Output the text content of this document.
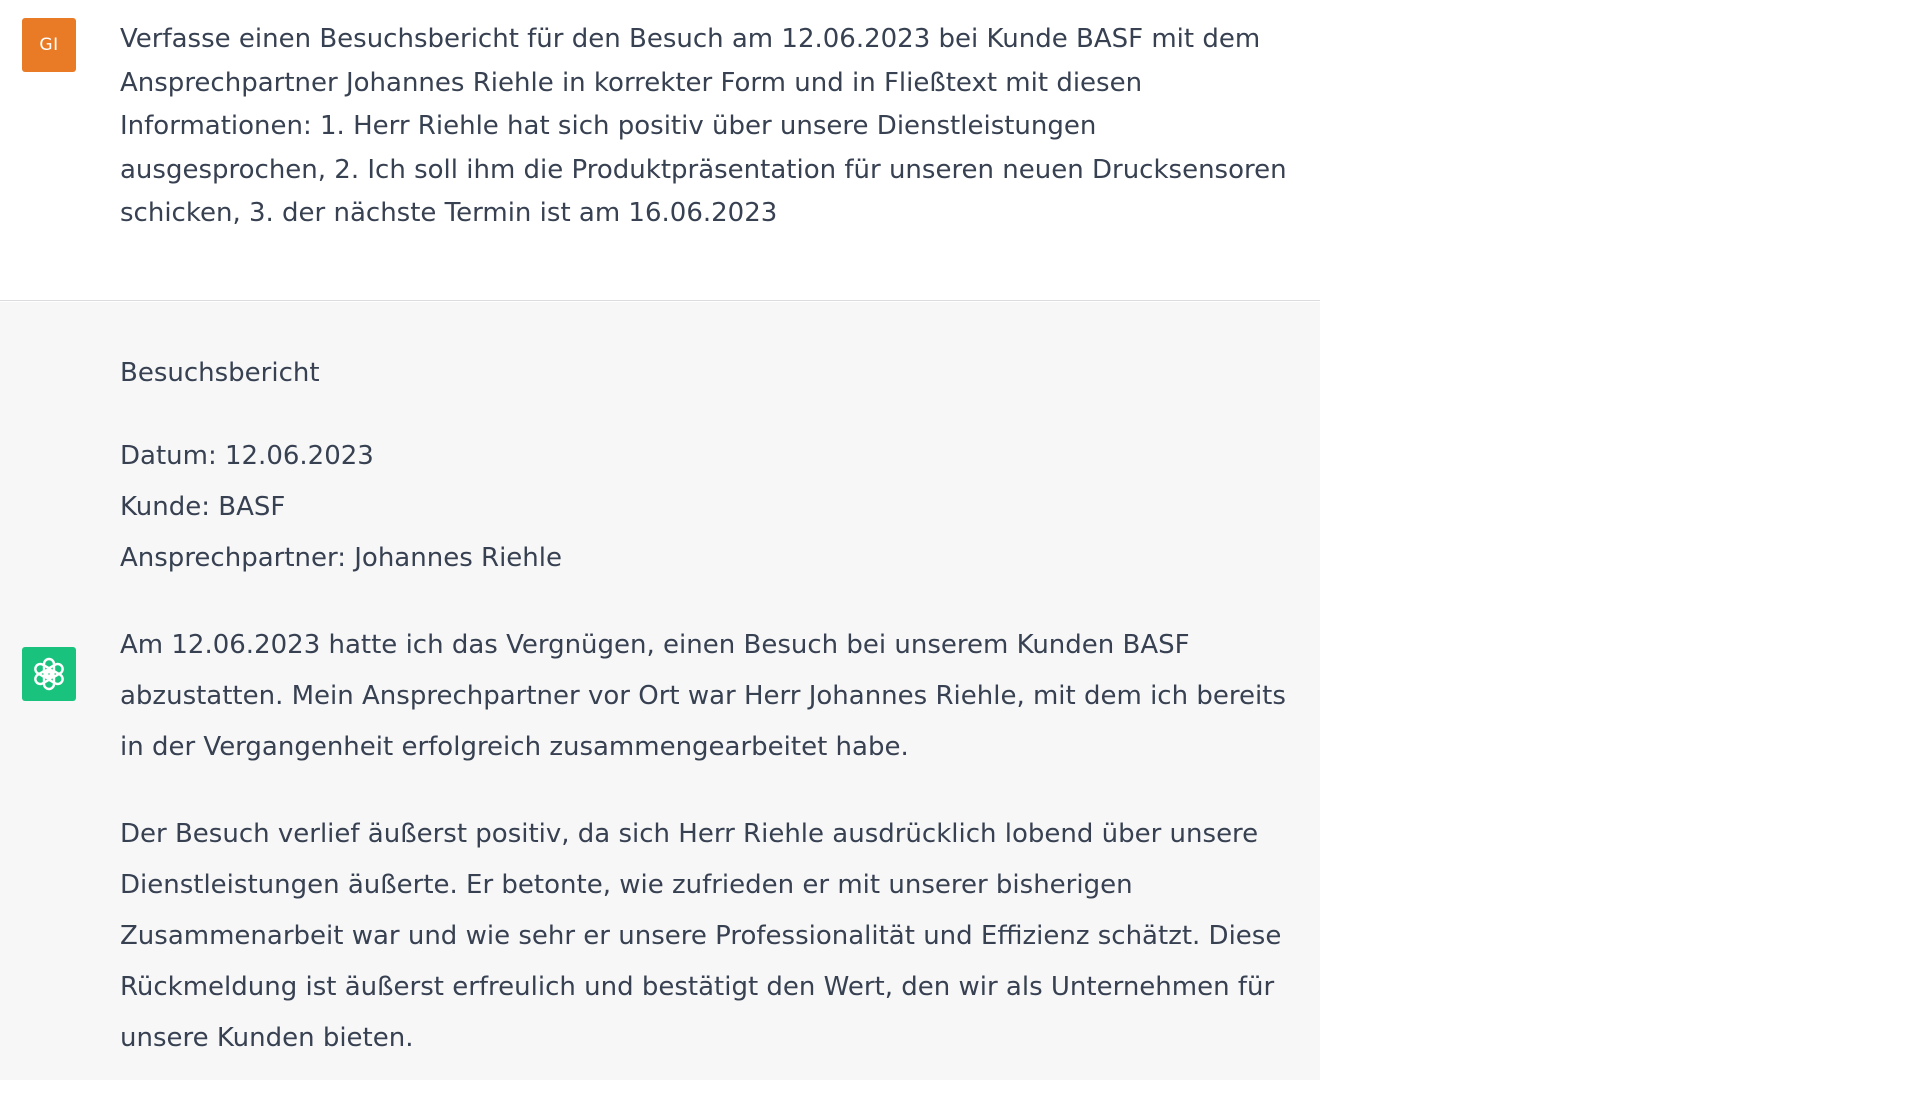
GI Verfasse einen Besuchsbericht für den Besuch am 12.06.2023 bei Kunde BASF mit dem Ansprechpartner Johannes Riehle in korrekter Form und in Fließtext mit diesen Informationen: 1. Herr Riehle hat sich positiv über unsere Dienstleistungen ausgesprochen, 2. Ich soll ihm die Produktpräsentation für unseren neuen Drucksensoren schicken, 3. der nächste Termin ist am 16.06.2023

Besuchsbericht

Datum: 12.06.2023

Kunde: BASF

Ansprechpartner: Johannes Riehle

Am 12.06.2023 hatte ich das Vergnügen, einen Besuch bei unserem Kunden BASF abzustatten. Mein Ansprechpartner vor Ort war Herr Johannes Riehle, mit dem ich bereits in der Vergangenheit erfolgreich zusammengearbeitet habe.

Der Besuch verlief äußerst positiv, da sich Herr Riehle ausdrücklich lobend über unsere Dienstleistungen äußerte. Er betonte, wie zufrieden er mit unserer bisherigen Zusammenarbeit war und wie sehr er unsere Professionalität und Effizienz schätzt. Diese Rückmeldung ist äußerst erfreulich und bestätigt den Wert, den wir als Unternehmen für unsere Kunden bieten.
